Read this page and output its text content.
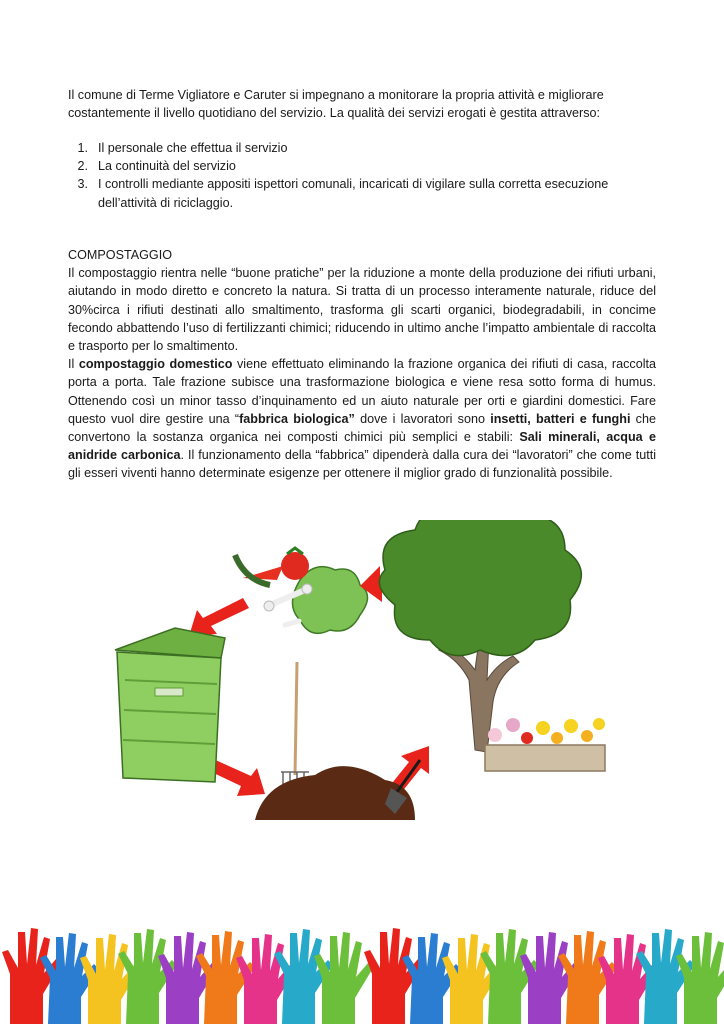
Il comune di Terme Vigliatore e Caruter si impegnano a monitorare la propria attività e migliorare costantemente il livello quotidiano del servizio. La qualità dei servizi erogati è gestita attraverso:

1. Il personale che effettua il servizio
2. La continuità del servizio
3. I controlli mediante appositi ispettori comunali, incaricati di vigilare sulla corretta esecuzione dell’attività di riciclaggio.

COMPOSTAGGIO

Il compostaggio rientra nelle “buone pratiche” per la riduzione a monte della produzione dei rifiuti urbani, aiutando in modo diretto e concreto la natura. Si tratta di un processo interamente naturale, riduce del 30%circa i rifiuti destinati allo smaltimento, trasforma gli scarti organici, biodegradabili, in concime fecondo abbattendo l’uso di fertilizzanti chimici; riducendo in ultimo anche l’impatto ambientale di raccolta e trasporto per lo smaltimento.

Il compostaggio domestico viene effettuato eliminando la frazione organica dei rifiuti di casa, raccolta porta a porta. Tale frazione subisce una trasformazione biologica e viene resa sotto forma di humus. Ottenendo così un minor tasso d’inquinamento ed un aiuto naturale per orti e giardini domestici. Fare questo vuol dire gestire una “fabbrica biologica” dove i lavoratori sono insetti, batteri e funghi che convertono la sostanza organica nei composti chimici più semplici e stabili: Sali minerali, acqua e anidride carbonica. Il funzionamento della “fabbrica” dipenderà dalla cura dei “lavoratori” che come tutti gli esseri viventi hanno determinate esigenze per ottenere il miglior grado di funzionalità possibile.
